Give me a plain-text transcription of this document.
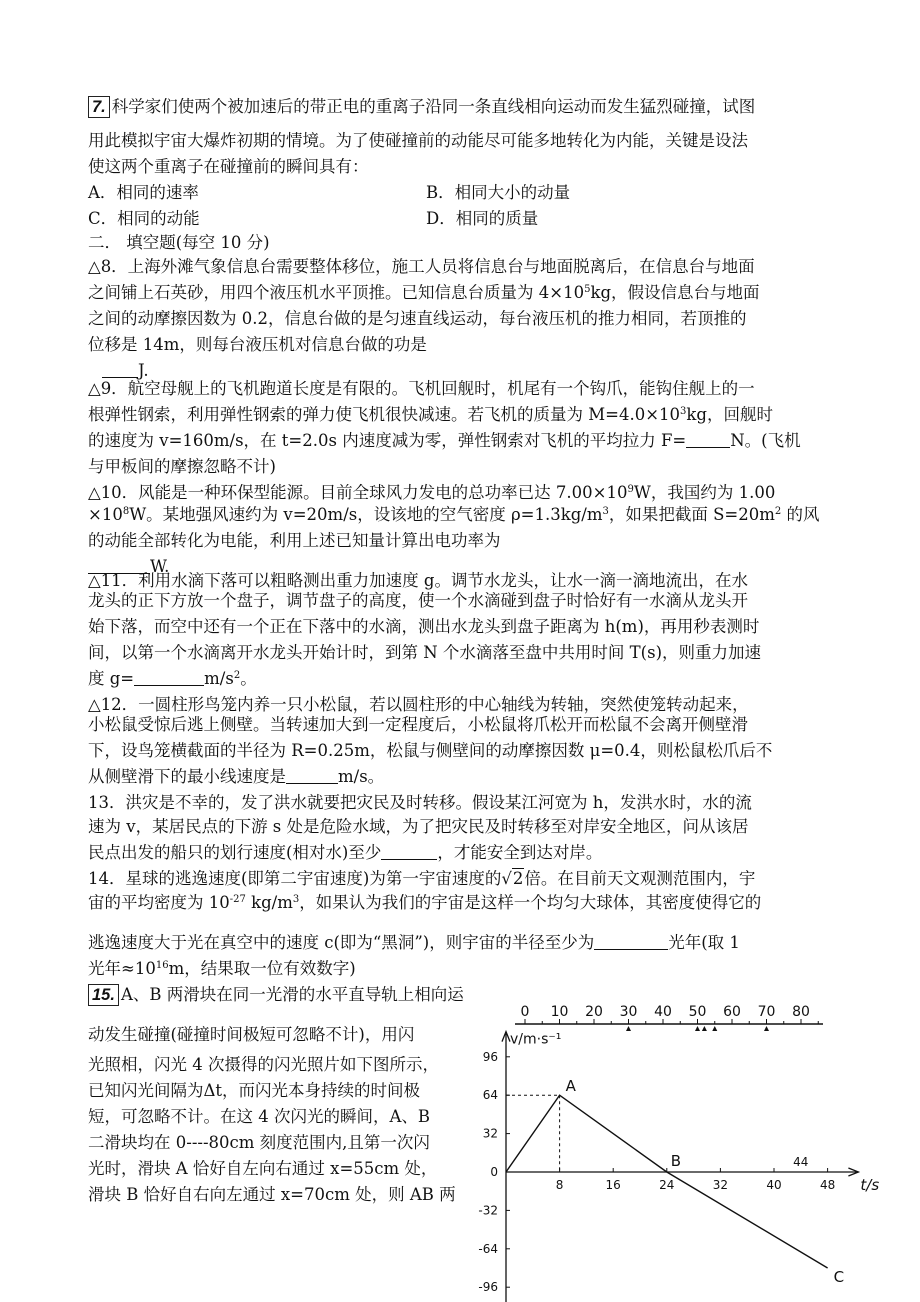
7. 科学家们使两个被加速后的带正电的重离子沿同一条直线相向运动而发生猛烈碰撞，试图
用此模拟宇宙大爆炸初期的情境。为了使碰撞前的动能尽可能多地转化为内能，关键是设法
使这两个重离子在碰撞前的瞬间具有：
A．相同的速率	B．相同大小的动量
C．相同的动能	D．相同的质量
二． 填空题(每空 10 分)
△8．上海外滩气象信息台需要整体移位，施工人员将信息台与地面脱离后，在信息台与地面
之间铺上石英砂，用四个液压机水平顶推。已知信息台质量为 $4\times 10^5kg$，假设信息台与地面
之间的动摩擦因数为 0.2，信息台做的是匀速直线运动，每台液压机的推力相同，若顶推的
位移是 14m，则每台液压机对信息台做的功是
J.
△9．航空母舰上的飞机跑道长度是有限的。飞机回舰时，机尾有一个钩爪，能钩住舰上的一
根弹性钢索，利用弹性钢索的弹力使飞机很快减速。若飞机的质量为 $M=4.0\times 10^3kg$，回舰时
的速度为 v=160m/s，在 t=2.0s 内速度减为零，弹性钢索对飞机的平均拉力 F=	N。(飞机
与甲板间的摩擦忽略不计)
△10．风能是一种环保型能源。目前全球风力发电的总功率已达 $7.00\times 10^9W$，我国约为 1.00
$\times 10^8W$。某地强风速约为 v=20m/s，设该地的空气密度 $\rho=1.3kg/m^3$，如果把截面 $S=20m^2$ 的风
的动能全部转化为电能，利用上述已知量计算出电功率为
W.
△11．利用水滴下落可以粗略测出重力加速度 g。调节水龙头，让水一滴一滴地流出，在水
龙头的正下方放一个盘子，调节盘子的高度，使一个水滴碰到盘子时恰好有一水滴从龙头开
始下落，而空中还有一个正在下落中的水滴，测出水龙头到盘子距离为 h(m)，再用秒表测时
间，以第一个水滴离开水龙头开始计时，到第 N 个水滴落至盘中共用时间 T(s)，则重力加速
度 g=	$m/s^2$。
△12．一圆柱形鸟笼内养一只小松鼠，若以圆柱形的中心轴线为转轴，突然使笼转动起来，
小松鼠受惊后逃上侧壁。当转速加大到一定程度后，小松鼠将爪松开而松鼠不会离开侧壁滑
下，设鸟笼横截面的半径为 R=0.25m，松鼠与侧壁间的动摩擦因数 μ=0.4，则松鼠松爪后不
从侧壁滑下的最小线速度是	m/s。
13．洪灾是不幸的，发了洪水就要把灾民及时转移。假设某江河宽为 h，发洪水时，水的流
速为 v，某居民点的下游 s 处是危险水域，为了把灾民及时转移至对岸安全地区，问从该居
民点出发的船只的划行速度(相对水)至少	，才能安全到达对岸。
14．星球的逃逸速度(即第二宇宙速度)为第一宇宙速度的√2倍。在目前天文观测范围内，宇
宙的平均密度为 $10^{-27}$ $kg/m^3$，如果认为我们的宇宙是这样一个均匀大球体，其密度使得它的
逃逸速度大于光在真空中的速度 c(即为“黑洞”)，则宇宙的半径至少为	光年(取 1
光年$\approx 10^{16}m$，结果取一位有效数字)
15. A、B 两滑块在同一光滑的水平直导轨上相向运
动发生碰撞(碰撞时间极短可忽略不计)，用闪
光照相，闪光 4 次摄得的闪光照片如下图所示，
已知闪光间隔为Δt，而闪光本身持续的时间极
短，可忽略不计。在这 4 次闪光的瞬间，A、B
二滑块均在 0----80cm 刻度范围内,且第一次闪
光时，滑块 A 恰好自左向右通过 x=55cm 处，
滑块 B 恰好自右向左通过 x=70cm 处，则 AB 两
0 10 20 30 40 50 60 70 80
v/m·s⁻¹
t/s
96
64
32
0
-32
-64
-96
8	16	24	32	40	48
44
A
B
C
